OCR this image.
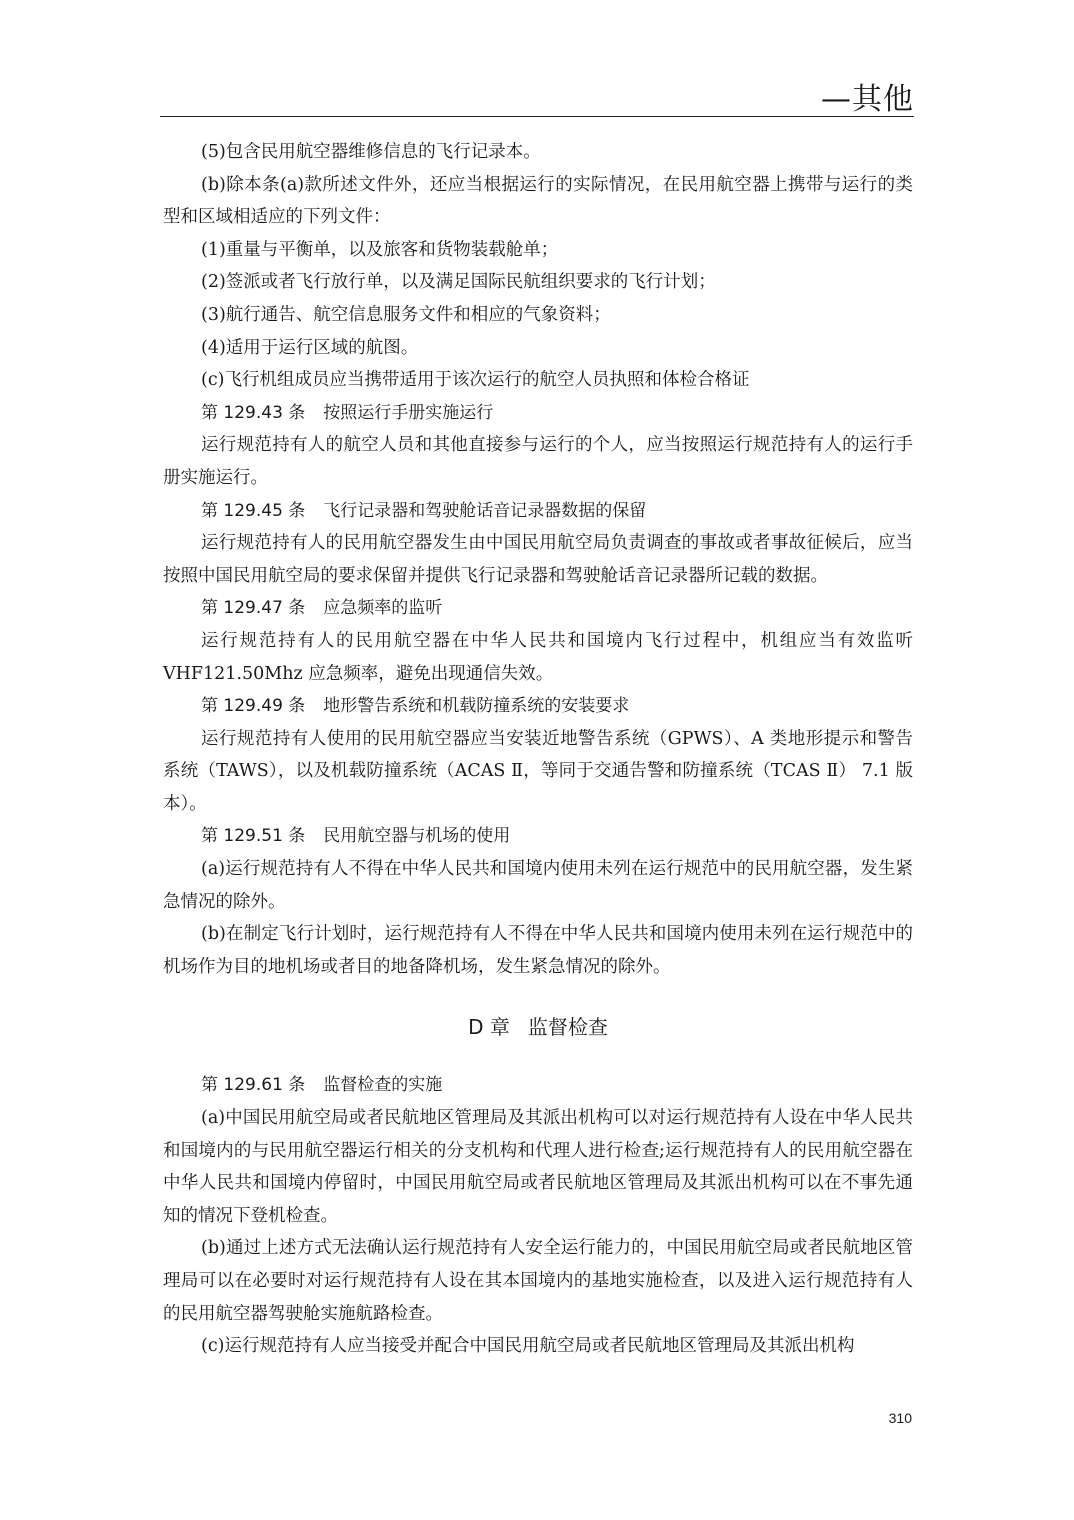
—其他

(5)包含民用航空器维修信息的飞行记录本。

(b)除本条(a)款所述文件外，还应当根据运行的实际情况，在民用航空器上携带与运行的类型和区域相适应的下列文件：

(1)重量与平衡单，以及旅客和货物装载舱单；

(2)签派或者飞行放行单，以及满足国际民航组织要求的飞行计划；

(3)航行通告、航空信息服务文件和相应的气象资料；

(4)适用于运行区域的航图。

(c)飞行机组成员应当携带适用于该次运行的航空人员执照和体检合格证

第 129.43 条 按照运行手册实施运行

运行规范持有人的航空人员和其他直接参与运行的个人，应当按照运行规范持有人的运行手册实施运行。

第 129.45 条 飞行记录器和驾驶舱话音记录器数据的保留

运行规范持有人的民用航空器发生由中国民用航空局负责调查的事故或者事故征候后，应当按照中国民用航空局的要求保留并提供飞行记录器和驾驶舱话音记录器所记载的数据。

第 129.47 条 应急频率的监听

运行规范持有人的民用航空器在中华人民共和国境内飞行过程中，机组应当有效监听VHF121.50Mhz 应急频率，避免出现通信失效。

第 129.49 条 地形警告系统和机载防撞系统的安装要求

运行规范持有人使用的民用航空器应当安装近地警告系统（GPWS）、A 类地形提示和警告系统（TAWS），以及机载防撞系统（ACAS Ⅱ，等同于交通告警和防撞系统（TCAS Ⅱ） 7.1 版本）。

第 129.51 条 民用航空器与机场的使用

(a)运行规范持有人不得在中华人民共和国境内使用未列在运行规范中的民用航空器，发生紧急情况的除外。

(b)在制定飞行计划时，运行规范持有人不得在中华人民共和国境内使用未列在运行规范中的机场作为目的地机场或者目的地备降机场，发生紧急情况的除外。

D 章 监督检查
第 129.61 条 监督检查的实施

(a)中国民用航空局或者民航地区管理局及其派出机构可以对运行规范持有人设在中华人民共和国境内的与民用航空器运行相关的分支机构和代理人进行检查;运行规范持有人的民用航空器在中华人民共和国境内停留时，中国民用航空局或者民航地区管理局及其派出机构可以在不事先通知的情况下登机检查。

(b)通过上述方式无法确认运行规范持有人安全运行能力的，中国民用航空局或者民航地区管理局可以在必要时对运行规范持有人设在其本国境内的基地实施检查，以及进入运行规范持有人的民用航空器驾驶舱实施航路检查。

(c)运行规范持有人应当接受并配合中国民用航空局或者民航地区管理局及其派出机构

310
